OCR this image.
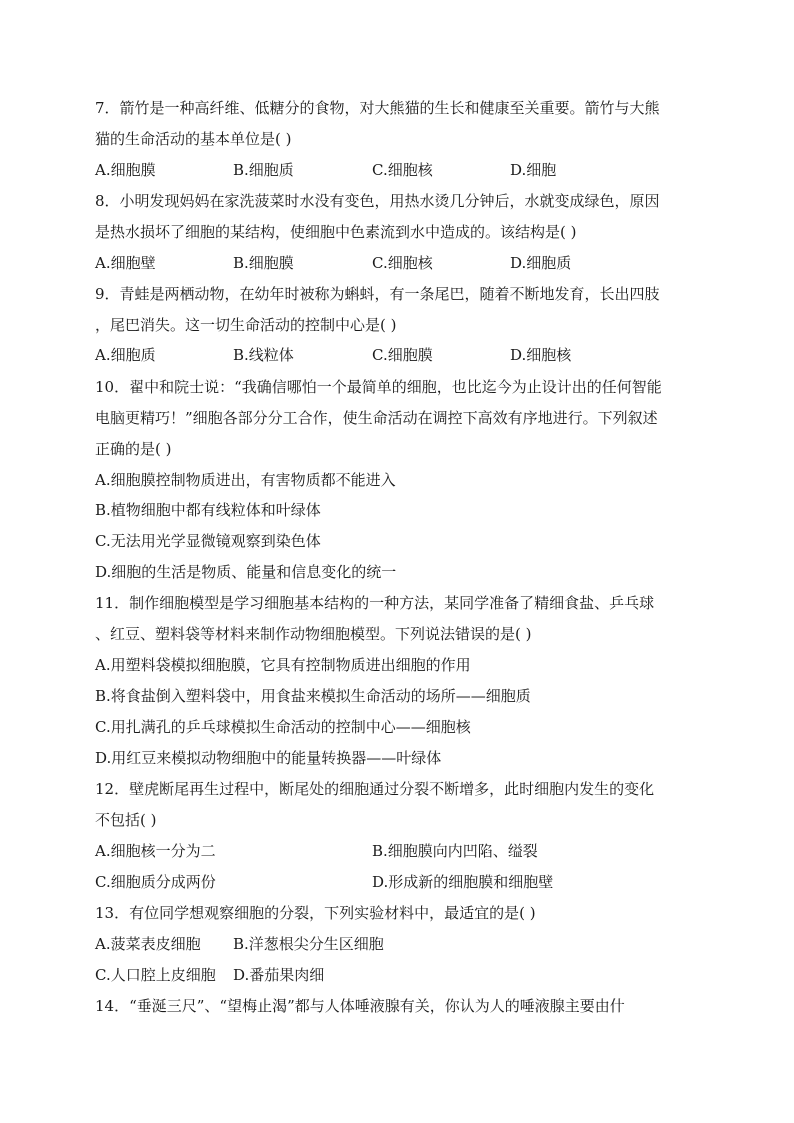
7．箭竹是一种高纤维、低糖分的食物，对大熊猫的生长和健康至关重要。箭竹与大熊
猫的生命活动的基本单位是( )
A.细胞膜	B.细胞质	C.细胞核	D.细胞
8．小明发现妈妈在家洗菠菜时水没有变色，用热水烫几分钟后，水就变成绿色，原因
是热水损坏了细胞的某结构，使细胞中色素流到水中造成的。该结构是( )
A.细胞壁	B.细胞膜	C.细胞核	D.细胞质
9．青蛙是两栖动物，在幼年时被称为蝌蚪，有一条尾巴，随着不断地发育，长出四肢
，尾巴消失。这一切生命活动的控制中心是( )
A.细胞质	B.线粒体	C.细胞膜	D.细胞核
10．翟中和院士说：“我确信哪怕一个最简单的细胞，也比迄今为止设计出的任何智能
电脑更精巧！”细胞各部分分工合作，使生命活动在调控下高效有序地进行。下列叙述
正确的是( )
A.细胞膜控制物质进出，有害物质都不能进入
B.植物细胞中都有线粒体和叶绿体
C.无法用光学显微镜观察到染色体
D.细胞的生活是物质、能量和信息变化的统一
11．制作细胞模型是学习细胞基本结构的一种方法，某同学准备了精细食盐、乒乓球
、红豆、塑料袋等材料来制作动物细胞模型。下列说法错误的是( )
A.用塑料袋模拟细胞膜，它具有控制物质进出细胞的作用
B.将食盐倒入塑料袋中，用食盐来模拟生命活动的场所——细胞质
C.用扎满孔的乒乓球模拟生命活动的控制中心——细胞核
D.用红豆来模拟动物细胞中的能量转换器——叶绿体
12．壁虎断尾再生过程中，断尾处的细胞通过分裂不断增多，此时细胞内发生的变化
不包括( )
A.细胞核一分为二	B.细胞膜向内凹陷、缢裂
C.细胞质分成两份	D.形成新的细胞膜和细胞壁
13．有位同学想观察细胞的分裂，下列实验材料中，最适宜的是( )
A.菠菜表皮细胞 B.洋葱根尖分生区细胞
C.人口腔上皮细胞 D.番茄果肉细
14．“垂涎三尺”、“望梅止渴”都与人体唾液腺有关，你认为人的唾液腺主要由什
